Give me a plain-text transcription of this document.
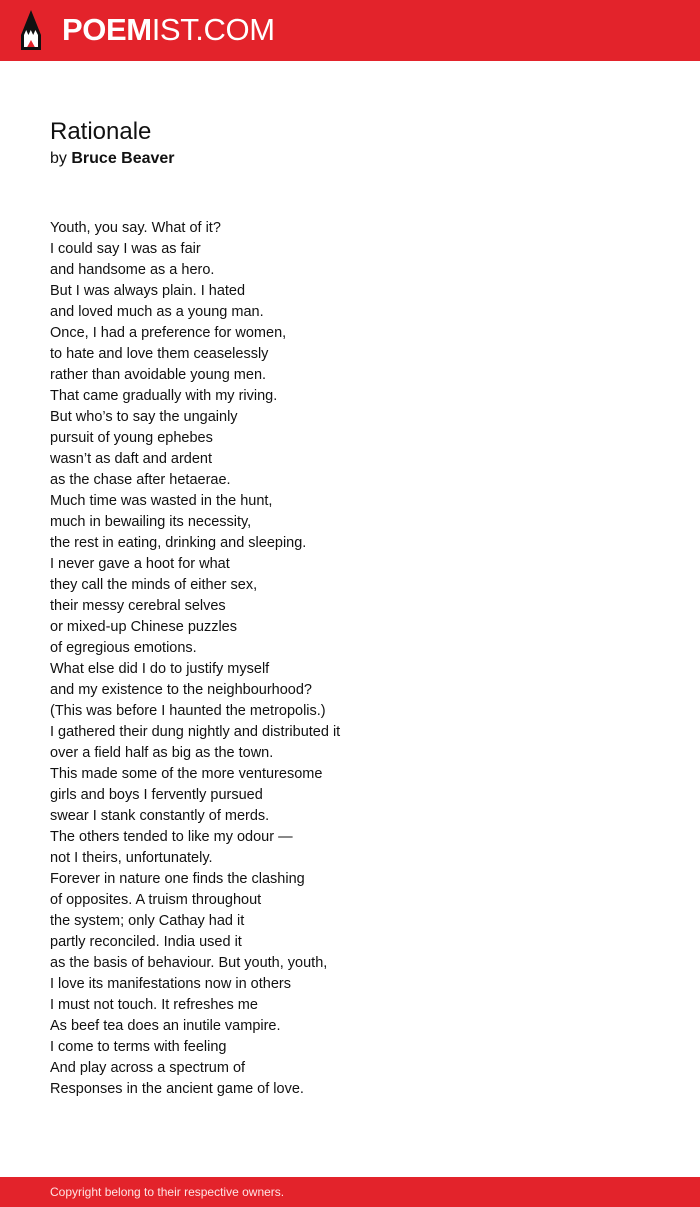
POEMIST.COM
Rationale
by Bruce Beaver
Youth, you say. What of it?
I could say I was as fair
and handsome as a hero.
But I was always plain. I hated
and loved much as a young man.
Once, I had a preference for women,
to hate and love them ceaselessly
rather than avoidable young men.
That came gradually with my riving.
But who’s to say the ungainly
pursuit of young ephebes
wasn’t as daft and ardent
as the chase after hetaerae.
Much time was wasted in the hunt,
much in bewailing its necessity,
the rest in eating, drinking and sleeping.
I never gave a hoot for what
they call the minds of either sex,
their messy cerebral selves
or mixed-up Chinese puzzles
of egregious emotions.
What else did I do to justify myself
and my existence to the neighbourhood?
(This was before I haunted the metropolis.)
I gathered their dung nightly and distributed it
over a field half as big as the town.
This made some of the more venturesome
girls and boys I fervently pursued
swear I stank constantly of merds.
The others tended to like my odour —
not I theirs, unfortunately.
Forever in nature one finds the clashing
of opposites. A truism throughout
the system; only Cathay had it
partly reconciled. India used it
as the basis of behaviour. But youth, youth,
I love its manifestations now in others
I must not touch. It refreshes me
As beef tea does an inutile vampire.
I come to terms with feeling
And play across a spectrum of
Responses in the ancient game of love.
Copyright belong to their respective owners.
